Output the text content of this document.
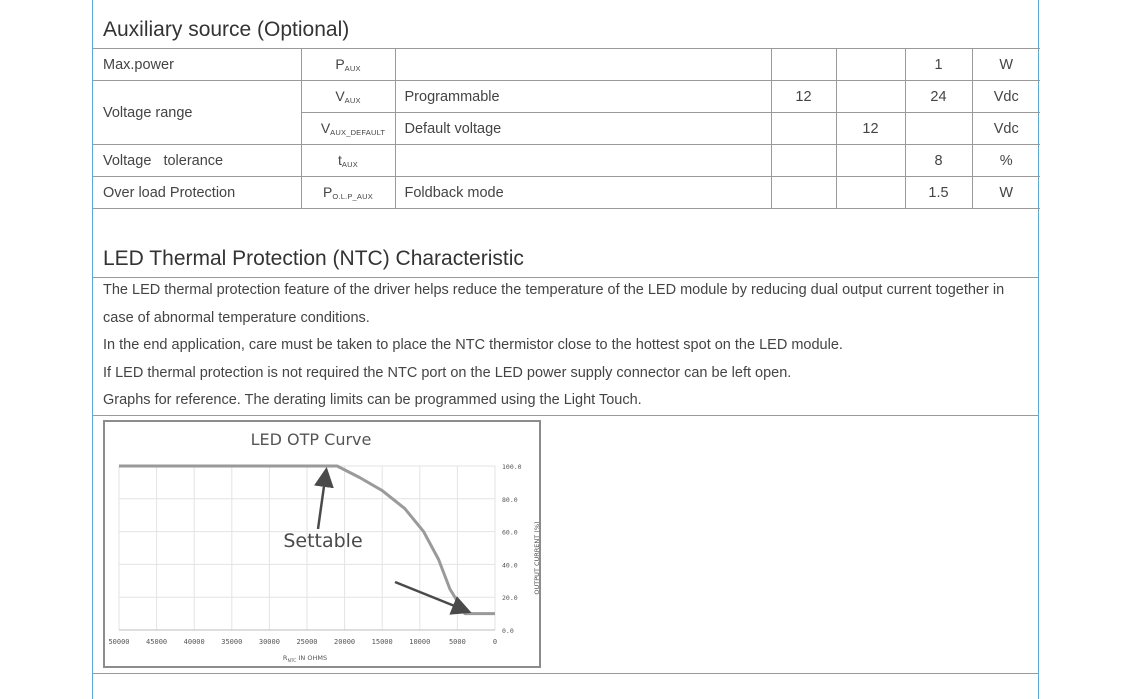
Auxiliary source (Optional)
Max.power	$P_{AUX}$				1	W
Voltage range	$V_{AUX}$	Programmable	12		24	Vdc
	$V_{AUX\_DEFAULT}$	Default voltage		12		Vdc
Voltage   tolerance	$t_{AUX}$				8	%
Over load Protection	$P_{O.L.P\_AUX}$	Foldback mode			1.5	W
LED Thermal Protection (NTC) Characteristic

The LED thermal protection feature of the driver helps reduce the temperature of the LED module by reducing dual output current together in

case of abnormal temperature conditions.

In the end application, care must be taken to place the NTC thermistor close to the hottest spot on the LED module.

If LED thermal protection is not required the NTC port on the LED power supply connector can be left open.

Graphs for reference. The derating limits can be programmed using the Light Touch.

LED OTP Curve
50000 45000 40000 35000 30000 25000 20000 15000 10000	5000	0
100.0
80.0
60.0
40.0
20.0
0.0
OUTPUT CURRENT (%)
$R_{NTC}$ IN OHMS
Settable
